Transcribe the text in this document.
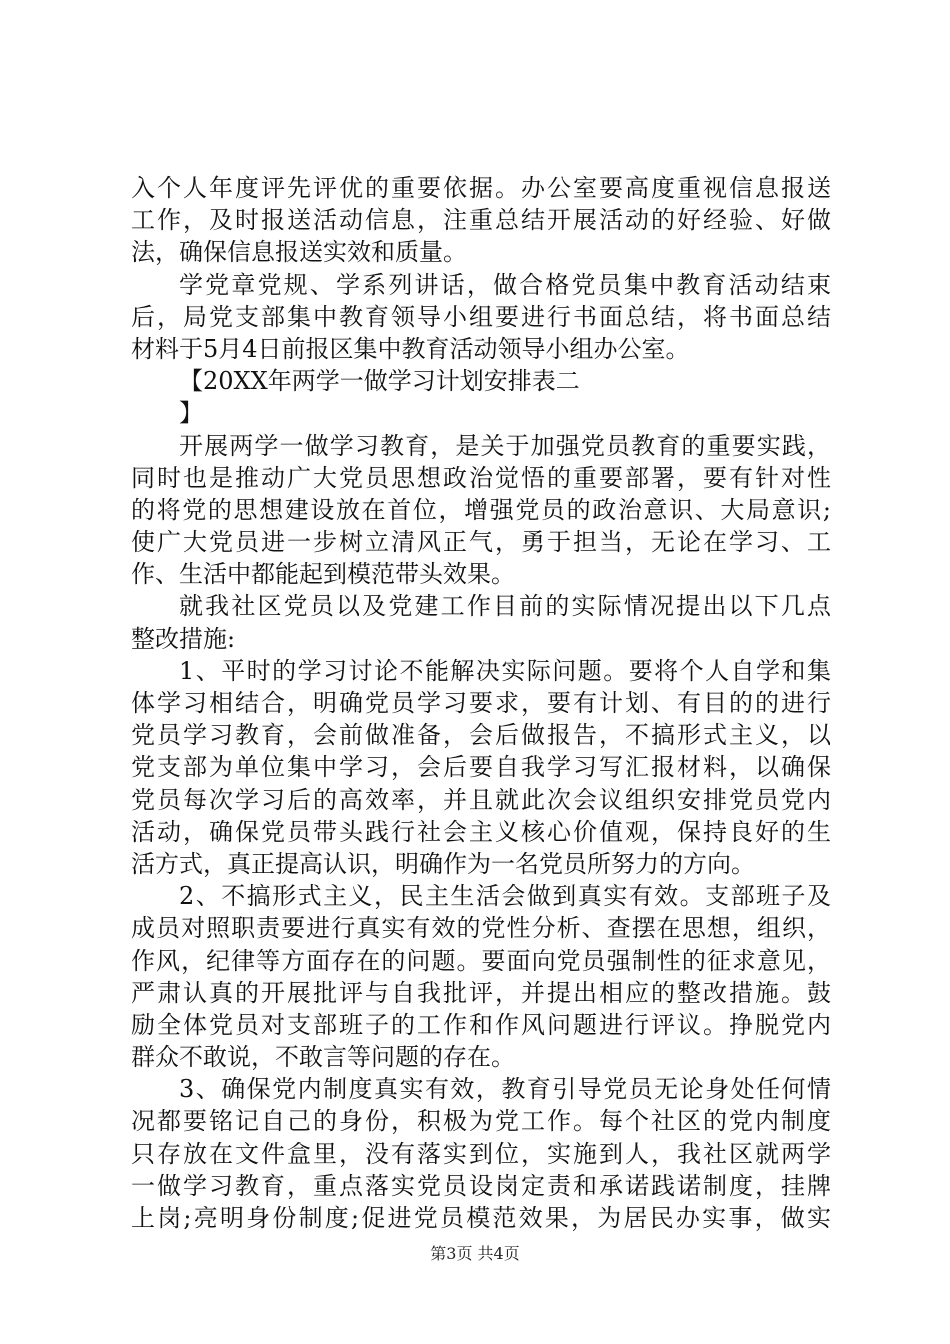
入个人年度评先评优的重要依据。办公室要高度重视信息报送
工作，及时报送活动信息，注重总结开展活动的好经验、好做
法，确保信息报送实效和质量。
学党章党规、学系列讲话，做合格党员集中教育活动结束
后，局党支部集中教育领导小组要进行书面总结，将书面总结
材料于5月4日前报区集中教育活动领导小组办公室。
【20XX年两学一做学习计划安排表二
】
开展两学一做学习教育，是关于加强党员教育的重要实践，
同时也是推动广大党员思想政治觉悟的重要部署，要有针对性
的将党的思想建设放在首位，增强党员的政治意识、大局意识;
使广大党员进一步树立清风正气，勇于担当，无论在学习、工
作、生活中都能起到模范带头效果。
就我社区党员以及党建工作目前的实际情况提出以下几点
整改措施:
1、平时的学习讨论不能解决实际问题。要将个人自学和集
体学习相结合，明确党员学习要求，要有计划、有目的的进行
党员学习教育，会前做准备，会后做报告，不搞形式主义，以
党支部为单位集中学习，会后要自我学习写汇报材料，以确保
党员每次学习后的高效率，并且就此次会议组织安排党员党内
活动，确保党员带头践行社会主义核心价值观，保持良好的生
活方式，真正提高认识，明确作为一名党员所努力的方向。
2、不搞形式主义，民主生活会做到真实有效。支部班子及
成员对照职责要进行真实有效的党性分析、查摆在思想，组织，
作风，纪律等方面存在的问题。要面向党员强制性的征求意见，
严肃认真的开展批评与自我批评，并提出相应的整改措施。鼓
励全体党员对支部班子的工作和作风问题进行评议。挣脱党内
群众不敢说，不敢言等问题的存在。
3、确保党内制度真实有效，教育引导党员无论身处任何情
况都要铭记自己的身份，积极为党工作。每个社区的党内制度
只存放在文件盒里，没有落实到位，实施到人，我社区就两学
一做学习教育，重点落实党员设岗定责和承诺践诺制度，挂牌
上岗;亮明身份制度;促进党员模范效果，为居民办实事，做实
第3页 共4页
